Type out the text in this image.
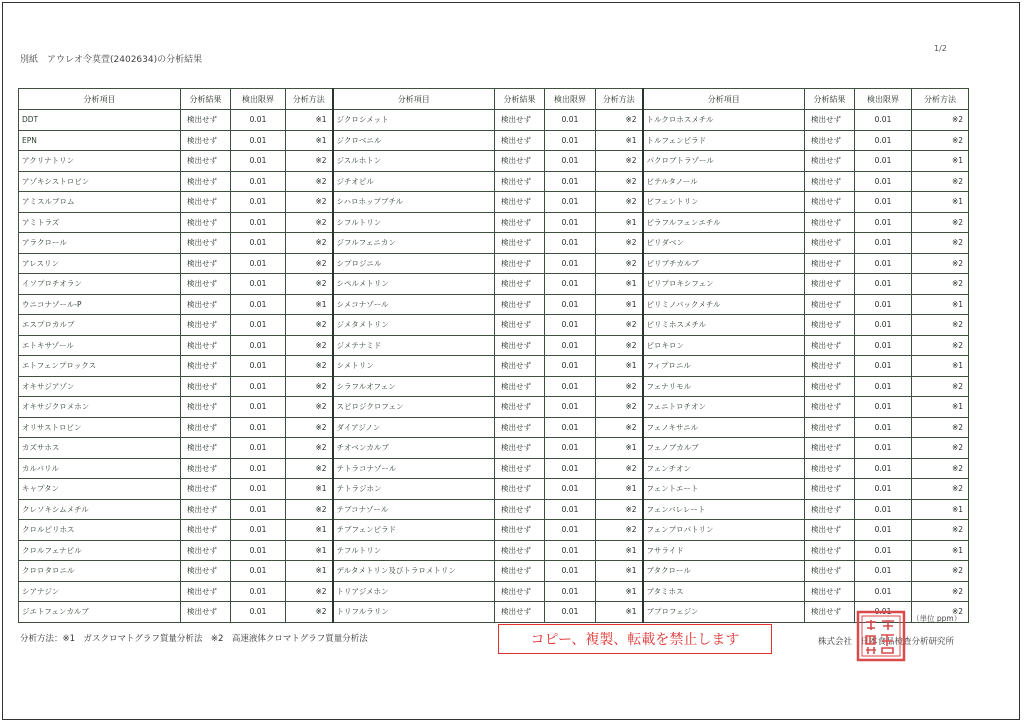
別紙　アウレオ令莫萱(2402634)の分析結果
1/2
分析項目	分析結果	検出限界	分析方法	分析項目	分析結果	検出限界	分析方法	分析項目	分析結果	検出限界	分析方法
DDT	検出せず	0.01	※1	ジクロシメット	検出せず	0.01	※2	トルクロホスメチル	検出せず	0.01	※2
EPN	検出せず	0.01	※1	ジクロベニル	検出せず	0.01	※1	トルフェンピラド	検出せず	0.01	※2
アクリナトリン	検出せず	0.01	※2	ジスルホトン	検出せず	0.01	※2	パクロブトラゾール	検出せず	0.01	※1
アゾキシストロビン	検出せず	0.01	※2	ジチオピル	検出せず	0.01	※2	ビテルタノール	検出せず	0.01	※2
アミスルブロム	検出せず	0.01	※2	シハロホップブチル	検出せず	0.01	※2	ビフェントリン	検出せず	0.01	※1
アミトラズ	検出せず	0.01	※2	シフルトリン	検出せず	0.01	※1	ピラフルフェンエチル	検出せず	0.01	※2
アラクロール	検出せず	0.01	※2	ジフルフェニカン	検出せず	0.01	※2	ピリダベン	検出せず	0.01	※2
アレスリン	検出せず	0.01	※2	シプロジニル	検出せず	0.01	※2	ピリブチカルブ	検出せず	0.01	※2
イソプロチオラン	検出せず	0.01	※2	シペルメトリン	検出せず	0.01	※1	ピリプロキシフェン	検出せず	0.01	※2
ウニコナゾール-P	検出せず	0.01	※1	シメコナゾール	検出せず	0.01	※1	ピリミノバックメチル	検出せず	0.01	※1
エスプロカルブ	検出せず	0.01	※2	ジメタメトリン	検出せず	0.01	※2	ピリミホスメチル	検出せず	0.01	※2
エトキサゾール	検出せず	0.01	※2	ジメテナミド	検出せず	0.01	※2	ピロキロン	検出せず	0.01	※2
エトフェンプロックス	検出せず	0.01	※2	シメトリン	検出せず	0.01	※1	フィプロニル	検出せず	0.01	※1
オキサジアゾン	検出せず	0.01	※2	シラフルオフェン	検出せず	0.01	※2	フェナリモル	検出せず	0.01	※2
オキサジクロメホン	検出せず	0.01	※2	スピロジクロフェン	検出せず	0.01	※2	フェニトロチオン	検出せず	0.01	※1
オリサストロビン	検出せず	0.01	※2	ダイアジノン	検出せず	0.01	※2	フェノキサニル	検出せず	0.01	※2
カズサホス	検出せず	0.01	※2	チオベンカルブ	検出せず	0.01	※1	フェノブカルブ	検出せず	0.01	※2
カルバリル	検出せず	0.01	※2	テトラコナゾール	検出せず	0.01	※2	フェンチオン	検出せず	0.01	※2
キャプタン	検出せず	0.01	※1	テトラジホン	検出せず	0.01	※1	フェントエート	検出せず	0.01	※2
クレソキシムメチル	検出せず	0.01	※2	テブコナゾール	検出せず	0.01	※2	フェンバレレート	検出せず	0.01	※1
クロルピリホス	検出せず	0.01	※1	テブフェンピラド	検出せず	0.01	※2	フェンプロパトリン	検出せず	0.01	※2
クロルフェナピル	検出せず	0.01	※1	テフルトリン	検出せず	0.01	※1	フサライド	検出せず	0.01	※1
クロロタロニル	検出せず	0.01	※1	デルタメトリン及びトラロメトリン	検出せず	0.01	※1	ブタクロール	検出せず	0.01	※2
シアナジン	検出せず	0.01	※2	トリアジメホン	検出せず	0.01	※1	ブタミホス	検出せず	0.01	※2
ジエトフェンカルブ	検出せず	0.01	※2	トリフルラリン	検出せず	0.01	※1	ブプロフェジン	検出せず	0.01	※2
（単位 ppm）
分析方法：※1　ガスクロマトグラフ質量分析法　※2　高速液体クロマトグラフ質量分析法	コピー、複製、転載を禁止します	株式会社　日本食品検査分析研究所
